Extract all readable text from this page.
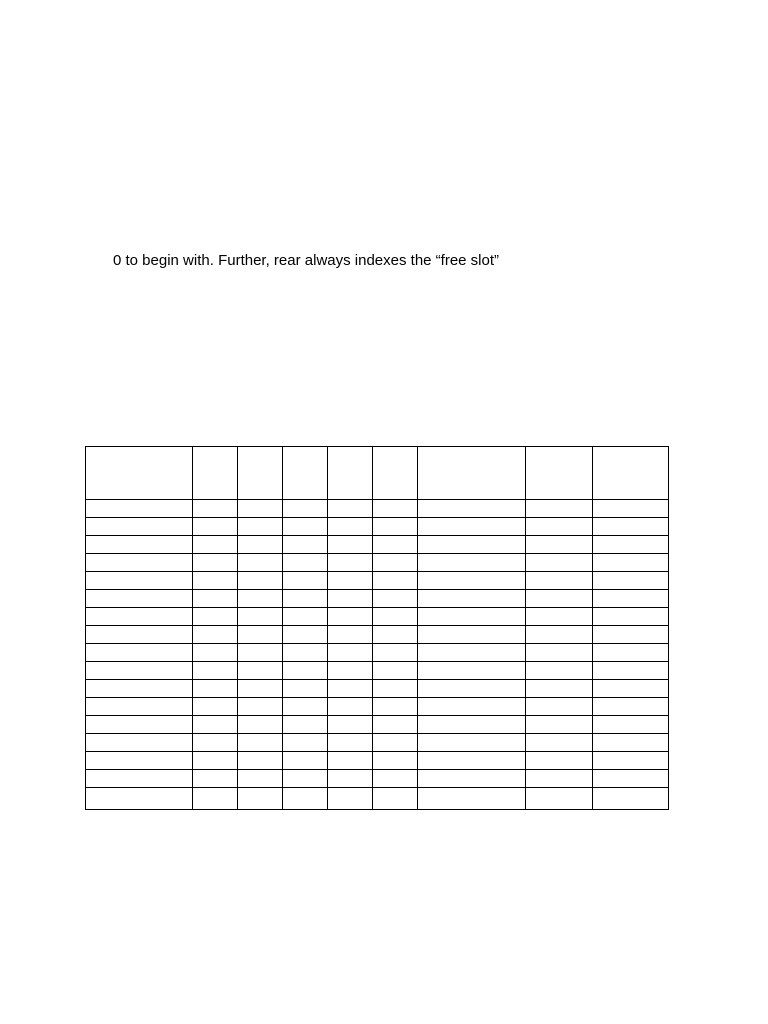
0 to begin with. Further, rear always indexes the “free slot”
